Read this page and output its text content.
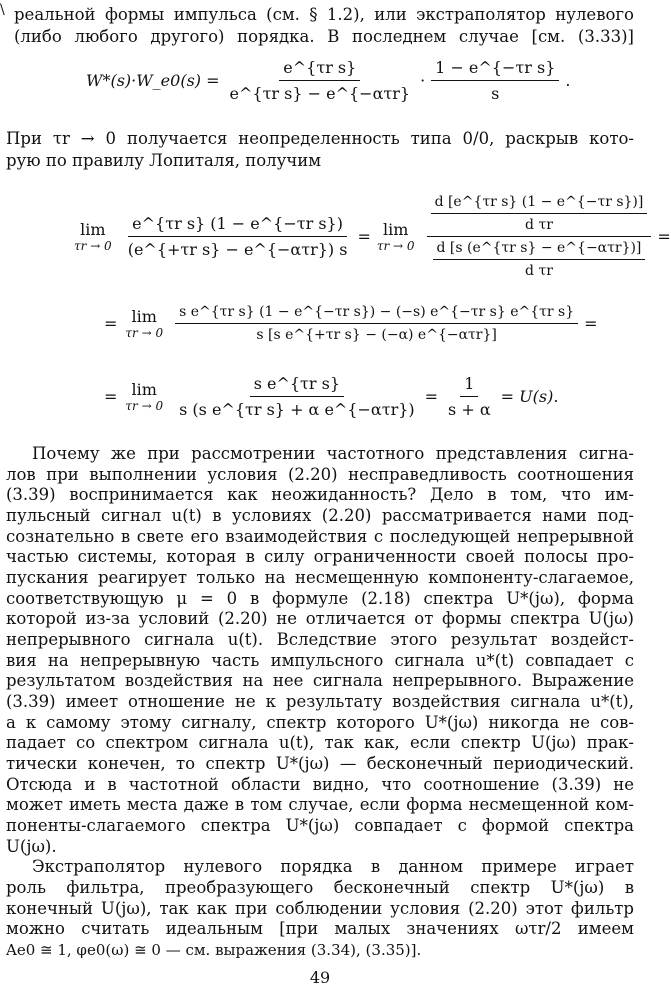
\ реальной формы импульса (см. § 1.2), или экстраполятор нулевого
(либо любого другого) порядка. В последнем случае [см. (3.33)]
W*(s)·W_e0(s) = $\frac{\text{e\textasciicircum{}\{τr s\}}}{\text{e\textasciicircum{}\{τr s\} − e\textasciicircum{}\{−ατr\}}} \cdot \frac{\text{1 − e\textasciicircum{}\{−τr s\}}}{s}$ .
При τr → 0 получается неопределенность типа 0/0, раскрыв кото-
рую по правилу Лопиталя, получим
lim
$\tau r \to 0 \frac{\text{e\textasciicircum{}\{τr s\} (1 − e\textasciicircum{}\{−τr s\})}}{\text{(e\textasciicircum{}\{+τr s\} − e\textasciicircum{}\{−ατr\}) s}} = \lim$
$\tau r \to 0 \frac{\frac{\text{d [e\textasciicircum{}\{τr s\} (1 − e\textasciicircum{}\{−τr s\})]}}{\text{d τr}}}{\frac{\text{d [s (e\textasciicircum{}\{τr s\} − e\textasciicircum{}\{−ατr\})]}}{\text{d τr}}}$ =
= lim
$\tau r \to 0 \frac{\text{s e\textasciicircum{}\{τr s\} (1 − e\textasciicircum{}\{−τr s\}) − (−s) e\textasciicircum{}\{−τr s\} e\textasciicircum{}\{τr s\}}}{\text{s [s e\textasciicircum{}\{+τr s\} − (−α) e\textasciicircum{}\{−ατr\}]}}$ =
= lim
$\tau r \to 0 \frac{\text{s e\textasciicircum{}\{τr s\}}}{\text{s (s e\textasciicircum{}\{τr s\} + α e\textasciicircum{}\{−ατr\})}} = \frac{1}{s + \alpha} = U(s)$.
Почему же при рассмотрении частотного представления сигна-
лов при выполнении условия (2.20) несправедливость соотношения
(3.39) воспринимается как неожиданность? Дело в том, что им-
пульсный сигнал u(t) в условиях (2.20) рассматривается нами под-
сознательно в свете его взаимодействия с последующей непрерывной
частью системы, которая в силу ограниченности своей полосы про-
пускания реагирует только на несмещенную компоненту-слагаемое,
соответствующую μ = 0 в формуле (2.18) спектра U*(jω), форма
которой из-за условий (2.20) не отличается от формы спектра U(jω)
непрерывного сигнала u(t). Вследствие этого результат воздейст-
вия на непрерывную часть импульсного сигнала u*(t) совпадает с
результатом воздействия на нее сигнала непрерывного. Выражение
(3.39) имеет отношение не к результату воздействия сигнала u*(t),
а к самому этому сигналу, спектр которого U*(jω) никогда не сов-
падает со спектром сигнала u(t), так как, если спектр U(jω) прак-
тически конечен, то спектр U*(jω) — бесконечный периодический.
Отсюда и в частотной области видно, что соотношение (3.39) не
может иметь места даже в том случае, если форма несмещенной ком-
поненты-слагаемого спектра U*(jω) совпадает с формой спектра
U(jω).
Экстраполятор нулевого порядка в данном примере играет
роль фильтра, преобразующего бесконечный спектр U*(jω) в
конечный U(jω), так как при соблюдении условия (2.20) этот фильтр
можно считать идеальным [при малых значениях ωτr/2 имеем
Ae0 ≅ 1, φe0(ω) ≅ 0 — см. выражения (3.34), (3.35)].
49
